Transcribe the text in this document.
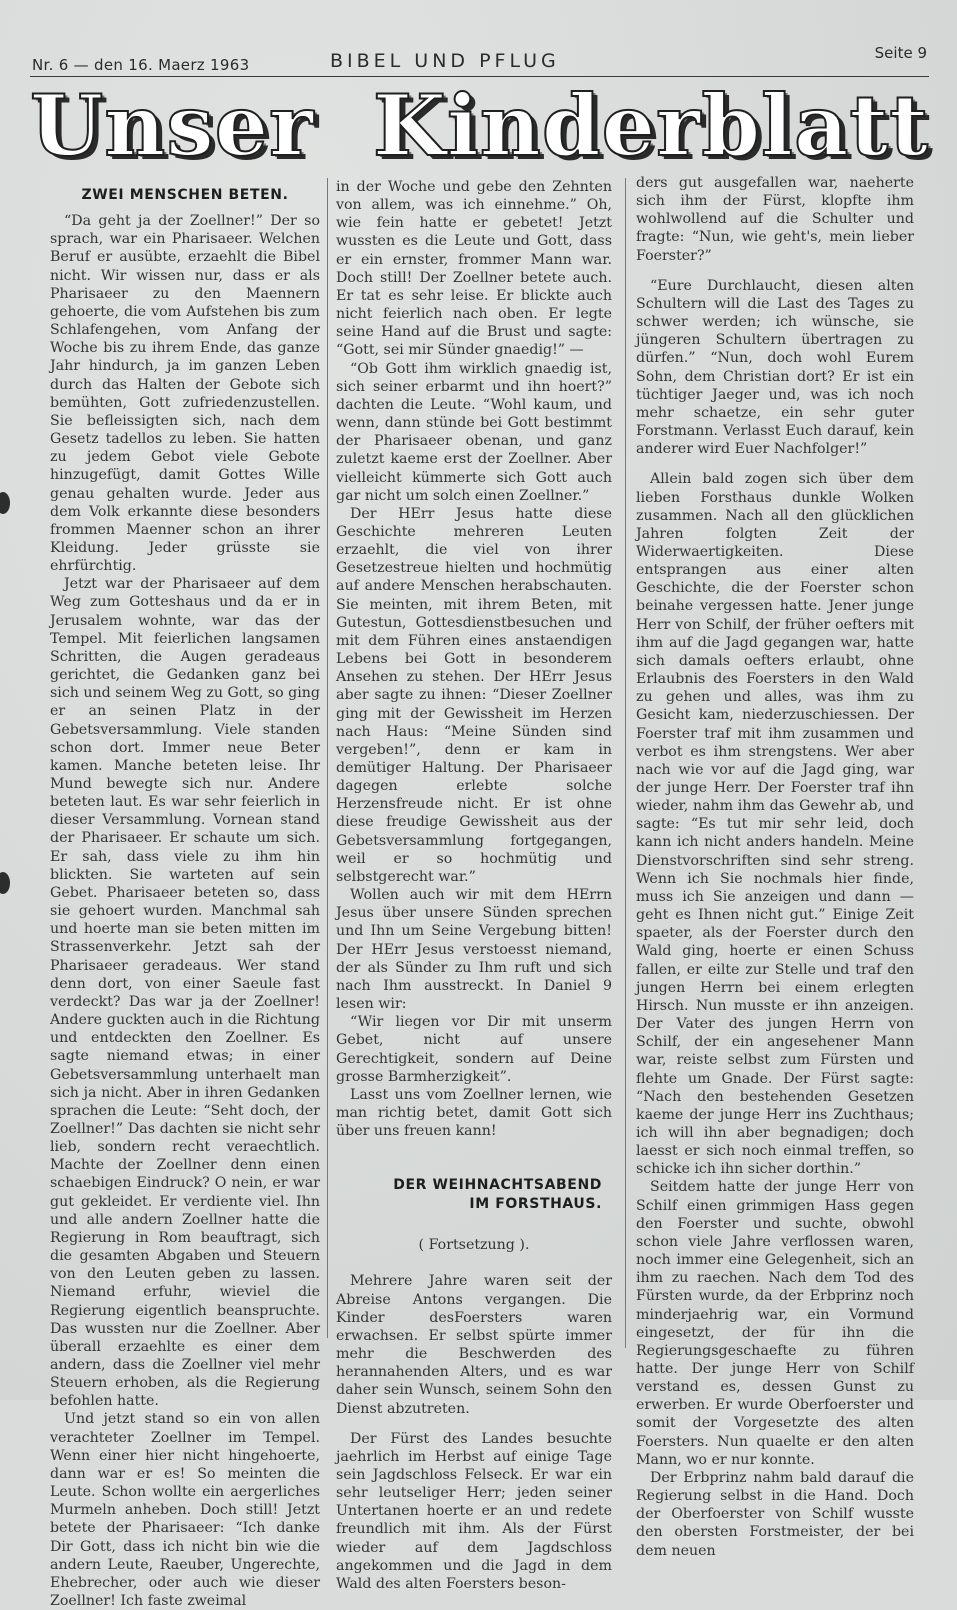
Nr. 6 — den 16. Maerz 1963	BIBEL UND PFLUG	Seite 9
Unser Kinderblatt
ZWEI MENSCHEN BETEN.

“Da geht ja der Zoellner!” Der so sprach, war ein Pharisaeer. Welchen Beruf er ausübte, erzaehlt die Bibel nicht. Wir wissen nur, dass er als Pharisaeer zu den Maennern gehoerte, die vom Aufstehen bis zum Schlafengehen, vom Anfang der Woche bis zu ihrem Ende, das ganze Jahr hindurch, ja im ganzen Leben durch das Halten der Gebote sich bemühten, Gott zufriedenzustellen. Sie befleissigten sich, nach dem Gesetz tadellos zu leben. Sie hatten zu jedem Gebot viele Gebote hinzugefügt, damit Gottes Wille genau gehalten wurde. Jeder aus dem Volk erkannte diese besonders frommen Maenner schon an ihrer Kleidung. Jeder grüsste sie ehrfürchtig.

Jetzt war der Pharisaeer auf dem Weg zum Gotteshaus und da er in Jerusalem wohnte, war das der Tempel. Mit feierlichen langsamen Schritten, die Augen geradeaus gerichtet, die Gedanken ganz bei sich und seinem Weg zu Gott, so ging er an seinen Platz in der Gebetsversammlung. Viele standen schon dort. Immer neue Beter kamen. Manche beteten leise. Ihr Mund bewegte sich nur. Andere beteten laut. Es war sehr feierlich in dieser Versammlung. Vornean stand der Pharisaeer. Er schaute um sich. Er sah, dass viele zu ihm hin blickten. Sie warteten auf sein Gebet. Pharisaeer beteten so, dass sie gehoert wurden. Manchmal sah und hoerte man sie beten mitten im Strassenverkehr. Jetzt sah der Pharisaeer geradeaus. Wer stand denn dort, von einer Saeule fast verdeckt? Das war ja der Zoellner! Andere guckten auch in die Richtung und entdeckten den Zoellner. Es sagte niemand etwas; in einer Gebetsversammlung unterhaelt man sich ja nicht. Aber in ihren Gedanken sprachen die Leute: “Seht doch, der Zoellner!” Das dachten sie nicht sehr lieb, sondern recht veraechtlich. Machte der Zoellner denn einen schaebigen Eindruck? O nein, er war gut gekleidet. Er verdiente viel. Ihn und alle andern Zoellner hatte die Regierung in Rom beauftragt, sich die gesamten Abgaben und Steuern von den Leuten geben zu lassen. Niemand erfuhr, wieviel die Regierung eigentlich beanspruchte. Das wussten nur die Zoellner. Aber überall erzaehlte es einer dem andern, dass die Zoellner viel mehr Steuern erhoben, als die Regierung befohlen hatte.

Und jetzt stand so ein von allen verachteter Zoellner im Tempel. Wenn einer hier nicht hingehoerte, dann war er es! So meinten die Leute. Schon wollte ein aergerliches Murmeln anheben. Doch still! Jetzt betete der Pharisaeer: “Ich danke Dir Gott, dass ich nicht bin wie die andern Leute, Raeuber, Ungerechte, Ehebrecher, oder auch wie dieser Zoellner! Ich faste zweimal

in der Woche und gebe den Zehnten von allem, was ich einnehme.” Oh, wie fein hatte er gebetet! Jetzt wussten es die Leute und Gott, dass er ein ernster, frommer Mann war. Doch still! Der Zoellner betete auch. Er tat es sehr leise. Er blickte auch nicht feierlich nach oben. Er legte seine Hand auf die Brust und sagte: “Gott, sei mir Sünder gnaedig!” —

“Ob Gott ihm wirklich gnaedig ist, sich seiner erbarmt und ihn hoert?” dachten die Leute. “Wohl kaum, und wenn, dann stünde bei Gott bestimmt der Pharisaeer obenan, und ganz zuletzt kaeme erst der Zoellner. Aber vielleicht kümmerte sich Gott auch gar nicht um solch einen Zoellner.”

Der HErr Jesus hatte diese Geschichte mehreren Leuten erzaehlt, die viel von ihrer Gesetzestreue hielten und hochmütig auf andere Menschen herabschauten. Sie meinten, mit ihrem Beten, mit Gutestun, Gottesdienstbesuchen und mit dem Führen eines anstaendigen Lebens bei Gott in besonderem Ansehen zu stehen. Der HErr Jesus aber sagte zu ihnen: “Dieser Zoellner ging mit der Gewissheit im Herzen nach Haus: “Meine Sünden sind vergeben!”, denn er kam in demütiger Haltung. Der Pharisaeer dagegen erlebte solche Herzensfreude nicht. Er ist ohne diese freudige Gewissheit aus der Gebetsversammlung fortgegangen, weil er so hochmütig und selbstgerecht war.”

Wollen auch wir mit dem HErrn Jesus über unsere Sünden sprechen und Ihn um Seine Vergebung bitten! Der HErr Jesus verstoesst niemand, der als Sünder zu Ihm ruft und sich nach Ihm ausstreckt. In Daniel 9 lesen wir:

“Wir liegen vor Dir mit unserm Gebet, nicht auf unsere Gerechtigkeit, sondern auf Deine grosse Barmherzigkeit”.

Lasst uns vom Zoellner lernen, wie man richtig betet, damit Gott sich über uns freuen kann!

DER WEIHNACHTSABEND
IM FORSTHAUS.
( Fortsetzung ).

Mehrere Jahre waren seit der Abreise Antons vergangen. Die Kinder desFoersters waren erwachsen. Er selbst spürte immer mehr die Beschwerden des herannahenden Alters, und es war daher sein Wunsch, seinem Sohn den Dienst abzutreten.

Der Fürst des Landes besuchte jaehrlich im Herbst auf einige Tage sein Jagdschloss Felseck. Er war ein sehr leutseliger Herr; jeden seiner Untertanen hoerte er an und redete freundlich mit ihm. Als der Fürst wieder auf dem Jagdschloss angekommen und die Jagd in dem Wald des alten Foersters beson-

ders gut ausgefallen war, naeherte sich ihm der Fürst, klopfte ihm wohlwollend auf die Schulter und fragte: “Nun, wie geht's, mein lieber Foerster?”

“Eure Durchlaucht, diesen alten Schultern will die Last des Tages zu schwer werden; ich wünsche, sie jüngeren Schultern übertragen zu dürfen.” “Nun, doch wohl Eurem Sohn, dem Christian dort? Er ist ein tüchtiger Jaeger und, was ich noch mehr schaetze, ein sehr guter Forstmann. Verlasst Euch darauf, kein anderer wird Euer Nachfolger!”

Allein bald zogen sich über dem lieben Forsthaus dunkle Wolken zusammen. Nach all den glücklichen Jahren folgten Zeit der Widerwaertigkeiten. Diese entsprangen aus einer alten Geschichte, die der Foerster schon beinahe vergessen hatte. Jener junge Herr von Schilf, der früher oefters mit ihm auf die Jagd gegangen war, hatte sich damals oefters erlaubt, ohne Erlaubnis des Foersters in den Wald zu gehen und alles, was ihm zu Gesicht kam, niederzuschiessen. Der Foerster traf mit ihm zusammen und verbot es ihm strengstens. Wer aber nach wie vor auf die Jagd ging, war der junge Herr. Der Foerster traf ihn wieder, nahm ihm das Gewehr ab, und sagte: “Es tut mir sehr leid, doch kann ich nicht anders handeln. Meine Dienstvorschriften sind sehr streng. Wenn ich Sie nochmals hier finde, muss ich Sie anzeigen und dann — geht es Ihnen nicht gut.” Einige Zeit spaeter, als der Foerster durch den Wald ging, hoerte er einen Schuss fallen, er eilte zur Stelle und traf den jungen Herrn bei einem erlegten Hirsch. Nun musste er ihn anzeigen. Der Vater des jungen Herrn von Schilf, der ein angesehener Mann war, reiste selbst zum Fürsten und flehte um Gnade. Der Fürst sagte: “Nach den bestehenden Gesetzen kaeme der junge Herr ins Zuchthaus; ich will ihn aber begnadigen; doch laesst er sich noch einmal treffen, so schicke ich ihn sicher dorthin.”

Seitdem hatte der junge Herr von Schilf einen grimmigen Hass gegen den Foerster und suchte, obwohl schon viele Jahre verflossen waren, noch immer eine Gelegenheit, sich an ihm zu raechen. Nach dem Tod des Fürsten wurde, da der Erbprinz noch minderjaehrig war, ein Vormund eingesetzt, der für ihn die Regierungsgeschaefte zu führen hatte. Der junge Herr von Schilf verstand es, dessen Gunst zu erwerben. Er wurde Oberfoerster und somit der Vorgesetzte des alten Foersters. Nun quaelte er den alten Mann, wo er nur konnte.

Der Erbprinz nahm bald darauf die Regierung selbst in die Hand. Doch der Oberfoerster von Schilf wusste den obersten Forstmeister, der bei dem neuen
